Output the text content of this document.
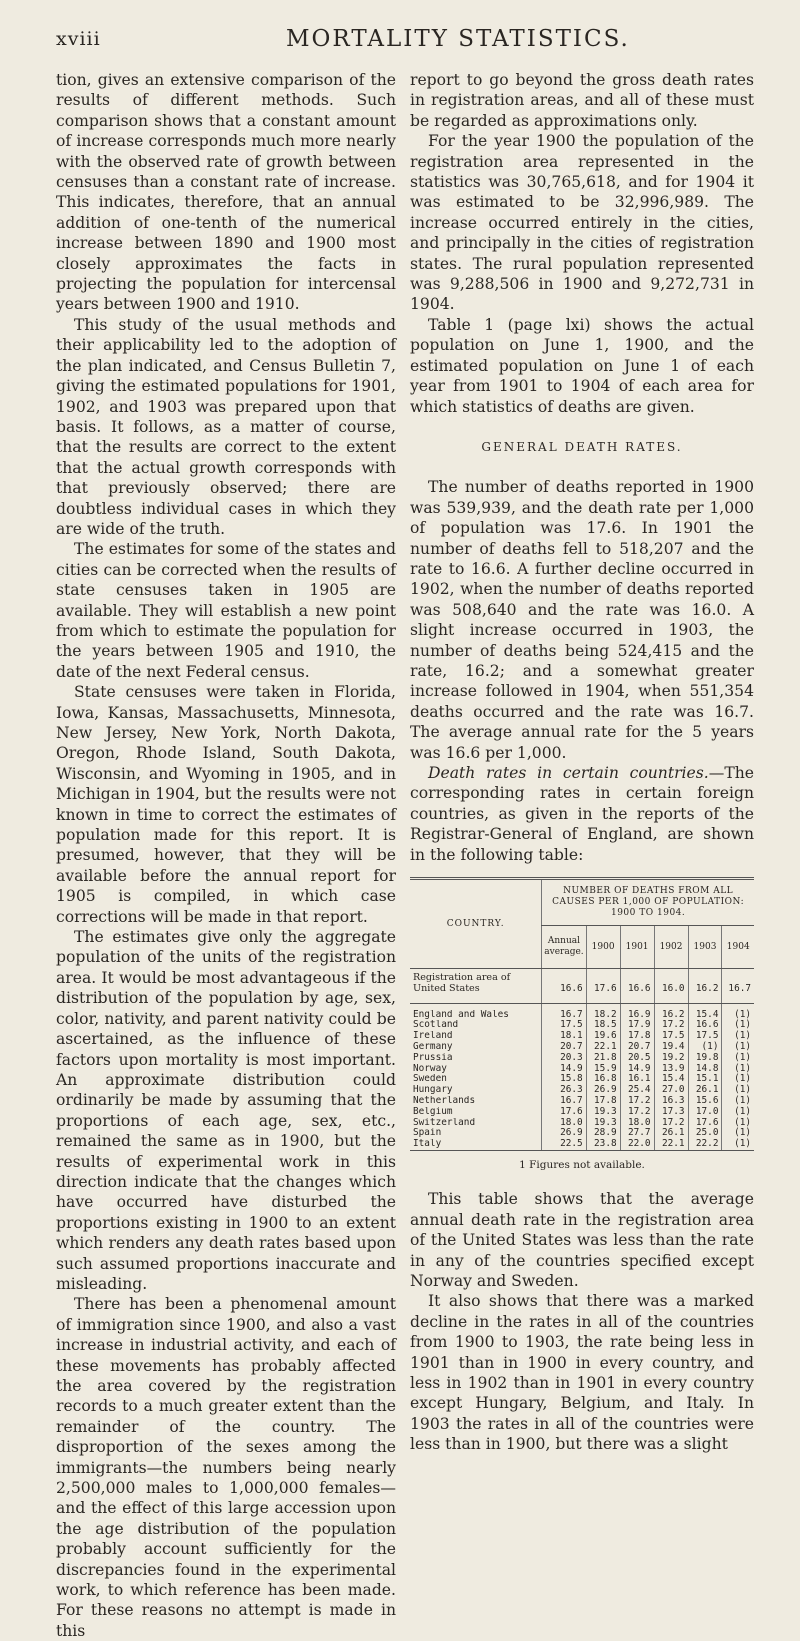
xviii	MORTALITY STATISTICS.

tion, gives an extensive comparison of the results of different methods. Such comparison shows that a constant amount of increase corresponds much more nearly with the observed rate of growth between censuses than a constant rate of increase. This indicates, therefore, that an annual addition of one-tenth of the numerical increase between 1890 and 1900 most closely approximates the facts in projecting the population for intercensal years between 1900 and 1910.

This study of the usual methods and their applicability led to the adoption of the plan indicated, and Census Bulletin 7, giving the estimated populations for 1901, 1902, and 1903 was prepared upon that basis. It follows, as a matter of course, that the results are correct to the extent that the actual growth corresponds with that previously observed; there are doubtless individual cases in which they are wide of the truth.

The estimates for some of the states and cities can be corrected when the results of state censuses taken in 1905 are available. They will establish a new point from which to estimate the population for the years between 1905 and 1910, the date of the next Federal census.

State censuses were taken in Florida, Iowa, Kansas, Massachusetts, Minnesota, New Jersey, New York, North Dakota, Oregon, Rhode Island, South Dakota, Wisconsin, and Wyoming in 1905, and in Michigan in 1904, but the results were not known in time to correct the estimates of population made for this report. It is presumed, however, that they will be available before the annual report for 1905 is compiled, in which case corrections will be made in that report.

The estimates give only the aggregate population of the units of the registration area. It would be most advantageous if the distribution of the population by age, sex, color, nativity, and parent nativity could be ascertained, as the influence of these factors upon mortality is most important. An approximate distribution could ordinarily be made by assuming that the proportions of each age, sex, etc., remained the same as in 1900, but the results of experimental work in this direction indicate that the changes which have occurred have disturbed the proportions existing in 1900 to an extent which renders any death rates based upon such assumed proportions inaccurate and misleading.

There has been a phenomenal amount of immigration since 1900, and also a vast increase in industrial activity, and each of these movements has probably affected the area covered by the registration records to a much greater extent than the remainder of the country. The disproportion of the sexes among the immigrants—the numbers being nearly 2,500,000 males to 1,000,000 females—and the effect of this large accession upon the age distribution of the population probably account sufficiently for the discrepancies found in the experimental work, to which reference has been made. For these reasons no attempt is made in this

report to go beyond the gross death rates in registration areas, and all of these must be regarded as approximations only.

For the year 1900 the population of the registration area represented in the statistics was 30,765,618, and for 1904 it was estimated to be 32,996,989. The increase occurred entirely in the cities, and principally in the cities of registration states. The rural population represented was 9,288,506 in 1900 and 9,272,731 in 1904.

Table 1 (page lxi) shows the actual population on June 1, 1900, and the estimated population on June 1 of each year from 1901 to 1904 of each area for which statistics of deaths are given.

GENERAL DEATH RATES.

The number of deaths reported in 1900 was 539,939, and the death rate per 1,000 of population was 17.6. In 1901 the number of deaths fell to 518,207 and the rate to 16.6. A further decline occurred in 1902, when the number of deaths reported was 508,640 and the rate was 16.0. A slight increase occurred in 1903, the number of deaths being 524,415 and the rate, 16.2; and a somewhat greater increase followed in 1904, when 551,354 deaths occurred and the rate was 16.7. The average annual rate for the 5 years was 16.6 per 1,000.

Death rates in certain countries.—The corresponding rates in certain foreign countries, as given in the reports of the Registrar-General of England, are shown in the following table:

COUNTRY.	NUMBER OF DEATHS FROM ALL CAUSES PER 1,000 OF POPULATION: 1900 TO 1904.					
	Annual average.	1900	1901	1902	1903	1904
Registration area of United States	16.6	17.6	16.6	16.0	16.2	16.7

England and Wales	16.7	18.2	16.9	16.2	15.4	(1)
Scotland	17.5	18.5	17.9	17.2	16.6	(1)
Ireland	18.1	19.6	17.8	17.5	17.5	(1)
Germany	20.7	22.1	20.7	19.4	(1)	(1)
Prussia	20.3	21.8	20.5	19.2	19.8	(1)
Norway	14.9	15.9	14.9	13.9	14.8	(1)
Sweden	15.8	16.8	16.1	15.4	15.1	(1)
Hungary	26.3	26.9	25.4	27.0	26.1	(1)
Netherlands	16.7	17.8	17.2	16.3	15.6	(1)
Belgium	17.6	19.3	17.2	17.3	17.0	(1)
Switzerland	18.0	19.3	18.0	17.2	17.6	(1)
Spain	26.9	28.9	27.7	26.1	25.0	(1)
Italy	22.5	23.8	22.0	22.1	22.2	(1)
1 Figures not available.

This table shows that the average annual death rate in the registration area of the United States was less than the rate in any of the countries specified except Norway and Sweden.

It also shows that there was a marked decline in the rates in all of the countries from 1900 to 1903, the rate being less in 1901 than in 1900 in every country, and less in 1902 than in 1901 in every country except Hungary, Belgium, and Italy. In 1903 the rates in all of the countries were less than in 1900, but there was a slight
